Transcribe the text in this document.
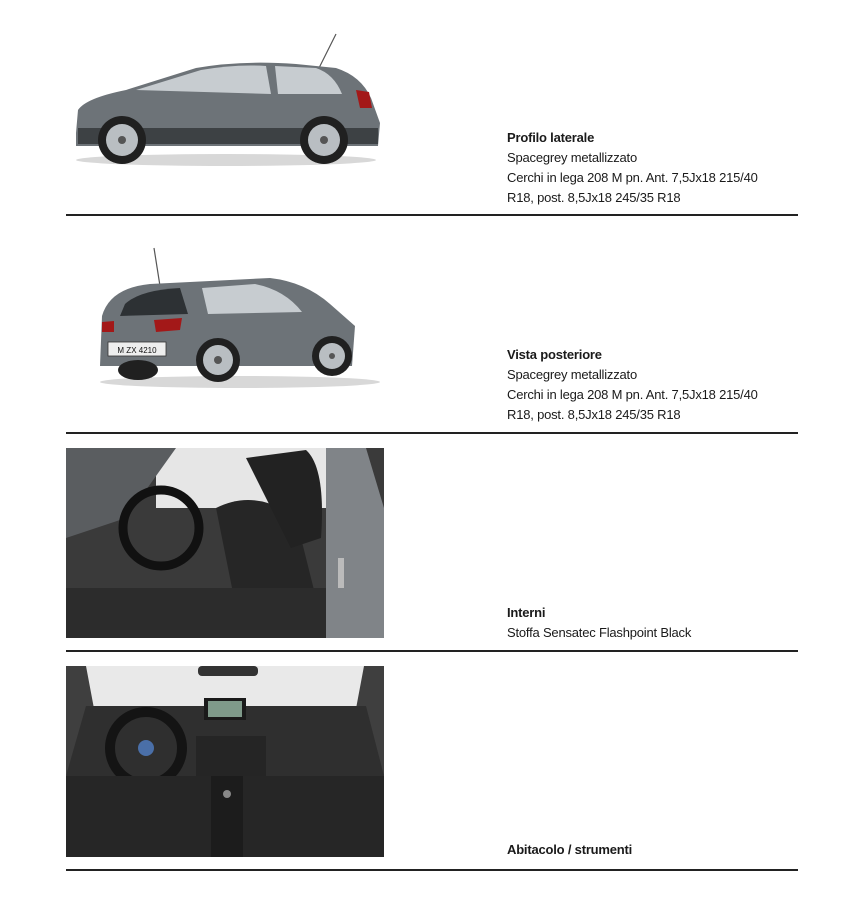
Profilo laterale
Spacegrey metallizzato
Cerchi in lega 208 M pn. Ant. 7,5Jx18 215/40
R18, post. 8,5Jx18 245/35 R18
M ZX 4210	Vista posteriore
Spacegrey metallizzato
Cerchi in lega 208 M pn. Ant. 7,5Jx18 215/40
R18, post. 8,5Jx18 245/35 R18
Interni
Stoffa Sensatec Flashpoint Black
Abitacolo / strumenti
